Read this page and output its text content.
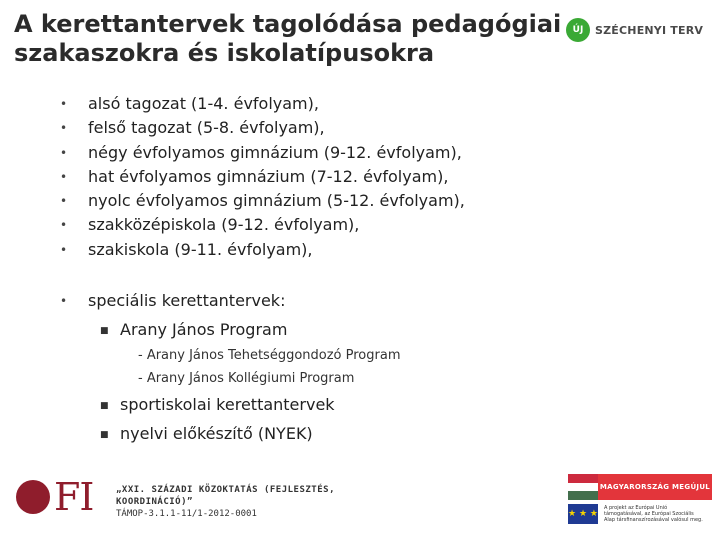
A kerettantervek tagolódása pedagógiai
szakaszokra és iskolatípusokra
ÚJ	SZÉCHENYI TERV
• alsó tagozat (1-4. évfolyam),
• felső tagozat (5-8. évfolyam),
• négy évfolyamos gimnázium (9-12. évfolyam),
• hat évfolyamos gimnázium (7-12. évfolyam),
• nyolc évfolyamos gimnázium (5-12. évfolyam),
• szakközépiskola (9-12. évfolyam),
• szakiskola (9-11. évfolyam),
• speciális kerettantervek:
■ Arany János Program
- Arany János Tehetséggondozó Program
- Arany János Kollégiumi Program
■ sportiskolai kerettantervek
■ nyelvi előkészítő (NYEK)
FI	„XXI. SZÁZADI KÖZOKTATÁS (FEJLESZTÉS, KOORDINÁCIÓ)”
TÁMOP-3.1.1-11/1-2012-0001
MAGYARORSZÁG MEGÚJUL
★ ★ ★
A projekt az Európai Unió támogatásával, az Európai Szociális Alap társfinanszírozásával valósul meg.
